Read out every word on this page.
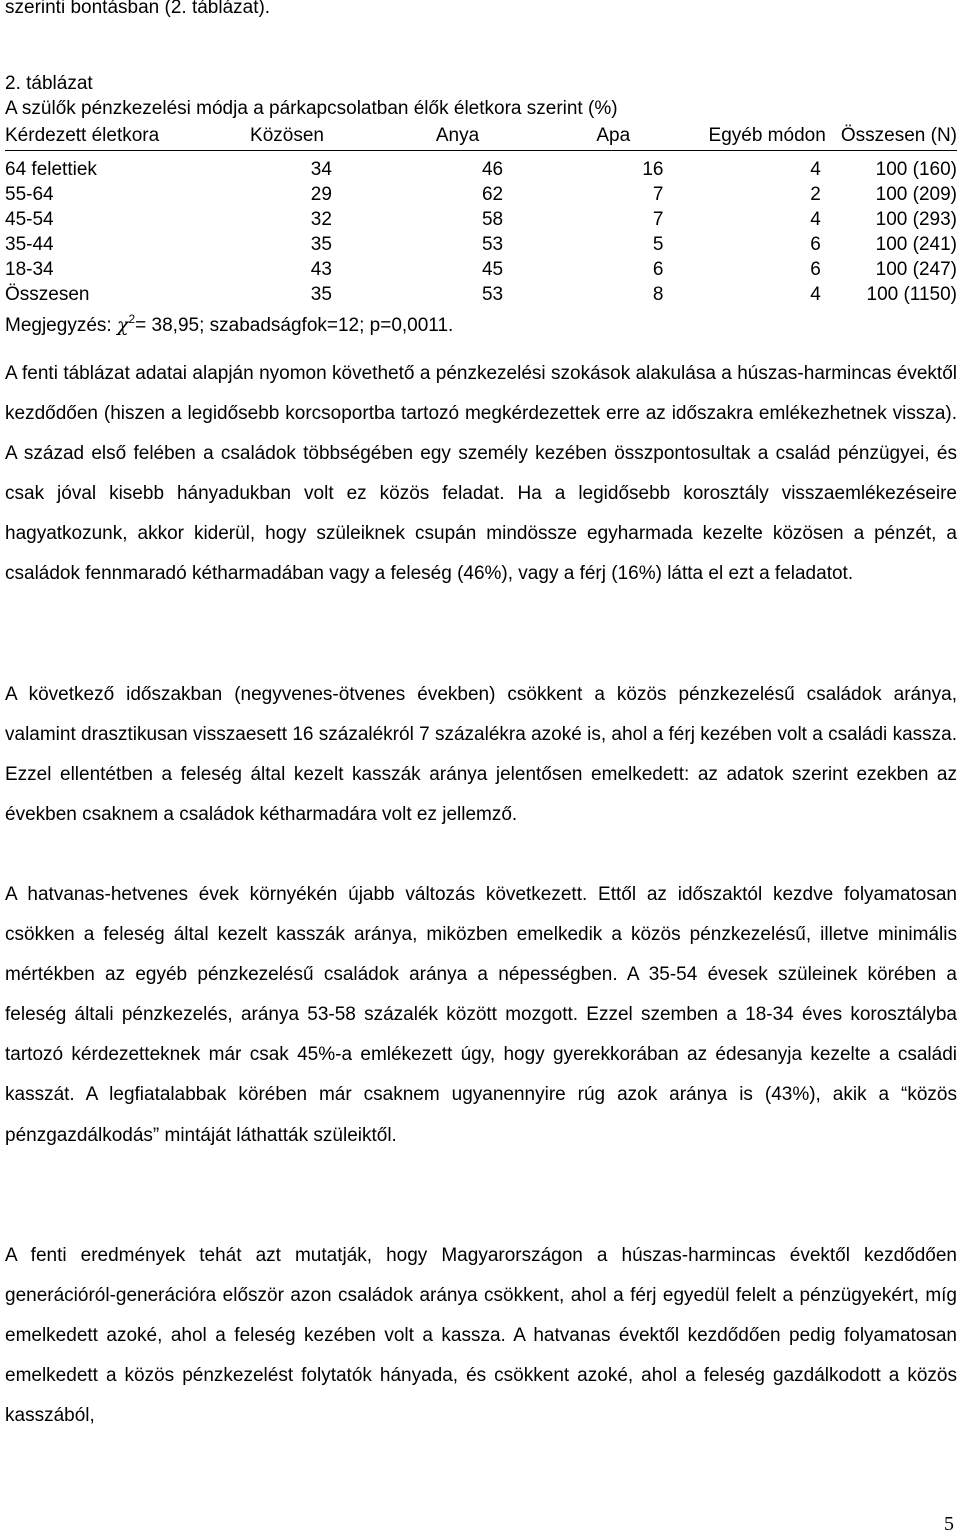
szerinti bontásban (2. táblázat).
2. táblázat
A szülők pénzkezelési módja a párkapcsolatban élők életkora szerint (%)
Kérdezett életkora	Közösen	Anya	Apa	Egyéb módon	Összesen (N)
64 felettiek	34	46	16	4	100 (160)
55-64	29	62	7	2	100 (209)
45-54	32	58	7	4	100 (293)
35-44	35	53	5	6	100 (241)
18-34	43	45	6	6	100 (247)
Összesen	35	53	8	4	100 (1150)
Megjegyzés: $\chi^2= 38,95$; szabadságfok=12; p=0,0011.
A fenti táblázat adatai alapján nyomon követhető a pénzkezelési szokások alakulása a húszas-harmincas évektől kezdődően (hiszen a legidősebb korcsoportba tartozó megkérdezettek erre az időszakra emlékezhetnek vissza). A század első felében a családok többségében egy személy kezében összpontosultak a család pénzügyei, és csak jóval kisebb hányadukban volt ez közös feladat. Ha a legidősebb korosztály visszaemlékezéseire hagyatkozunk, akkor kiderül, hogy szüleiknek csupán mindössze egyharmada kezelte közösen a pénzét, a családok fennmaradó kétharmadában vagy a feleség (46%), vagy a férj (16%) látta el ezt a feladatot.
A következő időszakban (negyvenes-ötvenes években) csökkent a közös pénzkezelésű családok aránya, valamint drasztikusan visszaesett 16 százalékról 7 százalékra azoké is, ahol a férj kezében volt a családi kassza. Ezzel ellentétben a feleség által kezelt kasszák aránya jelentősen emelkedett: az adatok szerint ezekben az években csaknem a családok kétharmadára volt ez jellemző.
A hatvanas-hetvenes évek környékén újabb változás következett. Ettől az időszaktól kezdve folyamatosan csökken a feleség által kezelt kasszák aránya, miközben emelkedik a közös pénzkezelésű, illetve minimális mértékben az egyéb pénzkezelésű családok aránya a népességben. A 35-54 évesek szüleinek körében a feleség általi pénzkezelés, aránya 53-58 százalék között mozgott. Ezzel szemben a 18-34 éves korosztályba tartozó kérdezetteknek már csak 45%-a emlékezett úgy, hogy gyerekkorában az édesanyja kezelte a családi kasszát. A legfiatalabbak körében már csaknem ugyanennyire rúg azok aránya is (43%), akik a “közös pénzgazdálkodás” mintáját láthatták szüleiktől.
A fenti eredmények tehát azt mutatják, hogy Magyarországon a húszas-harmincas évektől kezdődően generációról-generációra először azon családok aránya csökkent, ahol a férj egyedül felelt a pénzügyekért, míg emelkedett azoké, ahol a feleség kezében volt a kassza. A hatvanas évektől kezdődően pedig folyamatosan emelkedett a közös pénzkezelést folytatók hányada, és csökkent azoké, ahol a feleség gazdálkodott a közös kasszából,
5
